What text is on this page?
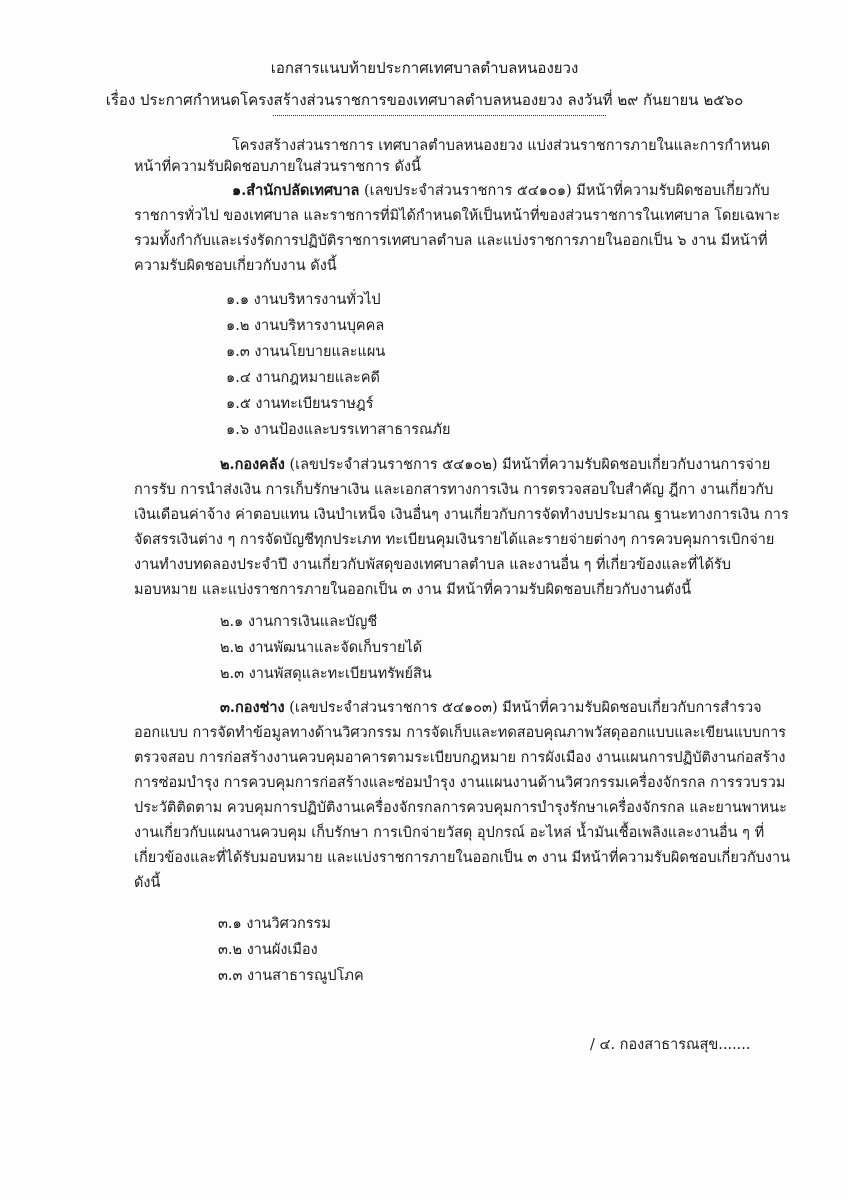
เอกสารแนบท้ายประกาศเทศบาลตำบลหนองยวง
เรื่อง ประกาศกำหนดโครงสร้างส่วนราชการของเทศบาลตำบลหนองยวง ลงวันที่ ๒๙ กันยายน ๒๕๖๐
โครงสร้างส่วนราชการ เทศบาลตำบลหนองยวง แบ่งส่วนราชการภายในและการกำหนด
หน้าที่ความรับผิดชอบภายในส่วนราชการ ดังนี้
๑.สำนักปลัดเทศบาล (เลขประจำส่วนราชการ ๕๔๑๐๑) มีหน้าที่ความรับผิดชอบเกี่ยวกับ
ราชการทั่วไป ของเทศบาล และราชการที่มิได้กำหนดให้เป็นหน้าที่ของส่วนราชการในเทศบาล โดยเฉพาะ
รวมทั้งกำกับและเร่งรัดการปฏิบัติราชการเทศบาลตำบล และแบ่งราชการภายในออกเป็น ๖ งาน มีหน้าที่
ความรับผิดชอบเกี่ยวกับงาน ดังนี้
๑.๑ งานบริหารงานทั่วไป
๑.๒ งานบริหารงานบุคคล
๑.๓ งานนโยบายและแผน
๑.๔ งานกฎหมายและคดี
๑.๕ งานทะเบียนราษฎร์
๑.๖ งานป้องและบรรเทาสาธารณภัย
๒.กองคลัง (เลขประจำส่วนราชการ ๕๔๑๐๒) มีหน้าที่ความรับผิดชอบเกี่ยวกับงานการจ่าย
การรับ การนำส่งเงิน การเก็บรักษาเงิน และเอกสารทางการเงิน การตรวจสอบใบสำคัญ ฎีกา งานเกี่ยวกับ
เงินเดือนค่าจ้าง ค่าตอบแทน เงินบำเหน็จ เงินอื่นๆ งานเกี่ยวกับการจัดทำงบประมาณ ฐานะทางการเงิน การ
จัดสรรเงินต่าง ๆ การจัดบัญชีทุกประเภท ทะเบียนคุมเงินรายได้และรายจ่ายต่างๆ การควบคุมการเบิกจ่าย
งานทำงบทดลองประจำปี งานเกี่ยวกับพัสดุของเทศบาลตำบล และงานอื่น ๆ ที่เกี่ยวข้องและที่ได้รับ
มอบหมาย และแบ่งราชการภายในออกเป็น ๓ งาน มีหน้าที่ความรับผิดชอบเกี่ยวกับงานดังนี้
๒.๑ งานการเงินและบัญชี
๒.๒ งานพัฒนาและจัดเก็บรายได้
๒.๓ งานพัสดุและทะเบียนทรัพย์สิน
๓.กองช่าง (เลขประจำส่วนราชการ ๕๔๑๐๓) มีหน้าที่ความรับผิดชอบเกี่ยวกับการสำรวจ
ออกแบบ การจัดทำข้อมูลทางด้านวิศวกรรม การจัดเก็บและทดสอบคุณภาพวัสดุออกแบบและเขียนแบบการ
ตรวจสอบ การก่อสร้างงานควบคุมอาคารตามระเบียบกฎหมาย การผังเมือง งานแผนการปฏิบัติงานก่อสร้าง
การซ่อมบำรุง การควบคุมการก่อสร้างและซ่อมบำรุง งานแผนงานด้านวิศวกรรมเครื่องจักรกล การรวบรวม
ประวัติติดตาม ควบคุมการปฏิบัติงานเครื่องจักรกลการควบคุมการบำรุงรักษาเครื่องจักรกล และยานพาหนะ
งานเกี่ยวกับแผนงานควบคุม เก็บรักษา การเบิกจ่ายวัสดุ อุปกรณ์ อะไหล่ น้ำมันเชื้อเพลิงและงานอื่น ๆ ที่
เกี่ยวข้องและที่ได้รับมอบหมาย และแบ่งราชการภายในออกเป็น ๓ งาน มีหน้าที่ความรับผิดชอบเกี่ยวกับงาน
ดังนี้
๓.๑ งานวิศวกรรม
๓.๒ งานผังเมือง
๓.๓ งานสาธารณูปโภค
/ ๔. กองสาธารณสุข.......
